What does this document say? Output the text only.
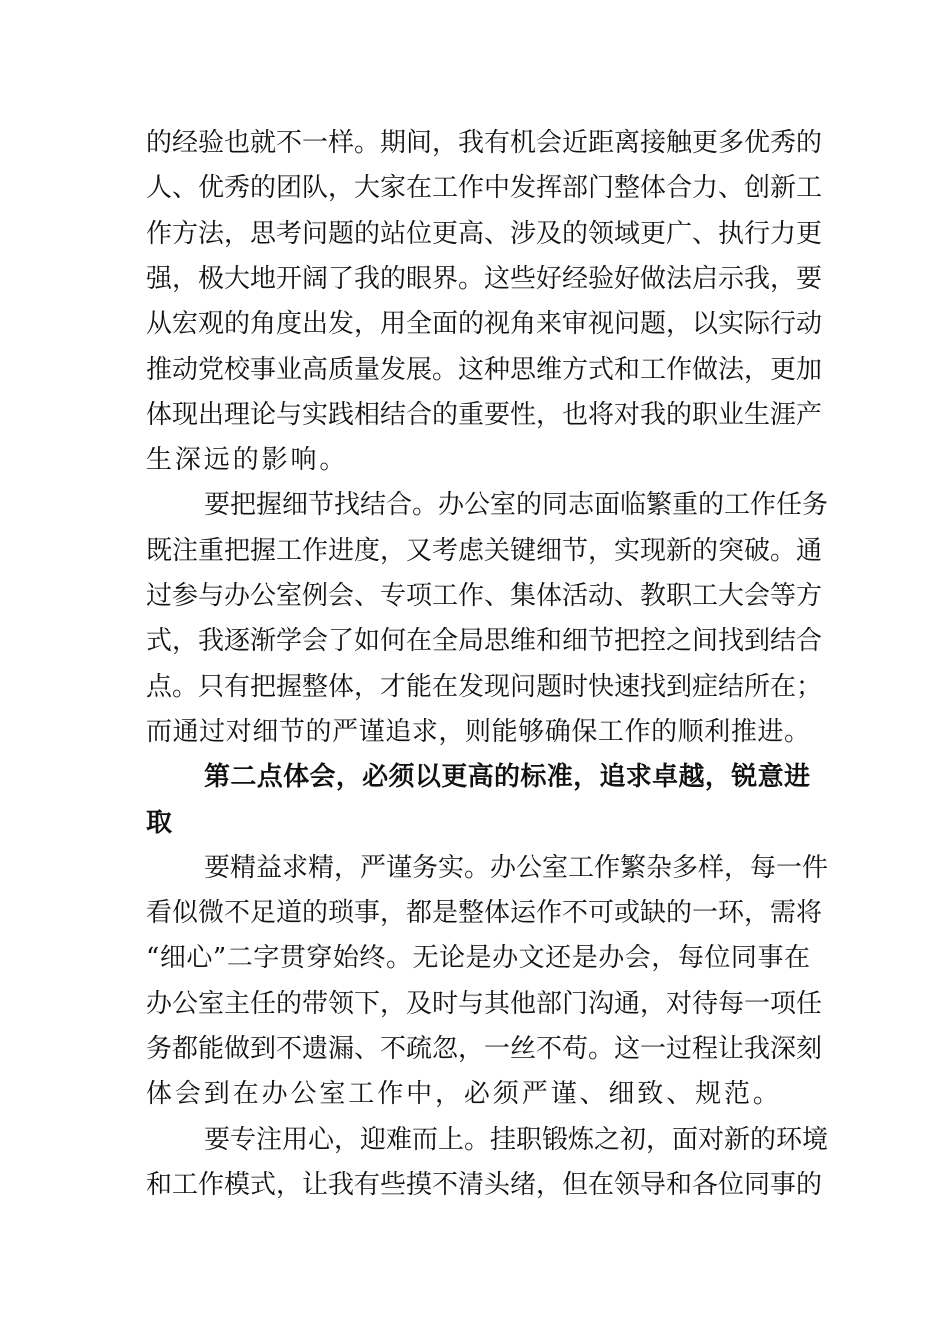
的经验也就不一样。期间，我有机会近距离接触更多优秀的
人、优秀的团队，大家在工作中发挥部门整体合力、创新工
作方法，思考问题的站位更高、涉及的领域更广、执行力更
强，极大地开阔了我的眼界。这些好经验好做法启示我，要
从宏观的角度出发，用全面的视角来审视问题，以实际行动
推动党校事业高质量发展。这种思维方式和工作做法，更加
体现出理论与实践相结合的重要性，也将对我的职业生涯产
生深远的影响。
要把握细节找结合。办公室的同志面临繁重的工作任务
既注重把握工作进度，又考虑关键细节，实现新的突破。通
过参与办公室例会、专项工作、集体活动、教职工大会等方
式，我逐渐学会了如何在全局思维和细节把控之间找到结合
点。只有把握整体，才能在发现问题时快速找到症结所在；
而通过对细节的严谨追求，则能够确保工作的顺利推进。
第二点体会，必须以更高的标准，追求卓越，锐意进
取
要精益求精，严谨务实。办公室工作繁杂多样，每一件
看似微不足道的琐事，都是整体运作不可或缺的一环，需将
“细心”二字贯穿始终。无论是办文还是办会，每位同事在
办公室主任的带领下，及时与其他部门沟通，对待每一项任
务都能做到不遗漏、不疏忽，一丝不苟。这一过程让我深刻
体会到在办公室工作中，必须严谨、细致、规范。
要专注用心，迎难而上。挂职锻炼之初，面对新的环境
和工作模式，让我有些摸不清头绪，但在领导和各位同事的
